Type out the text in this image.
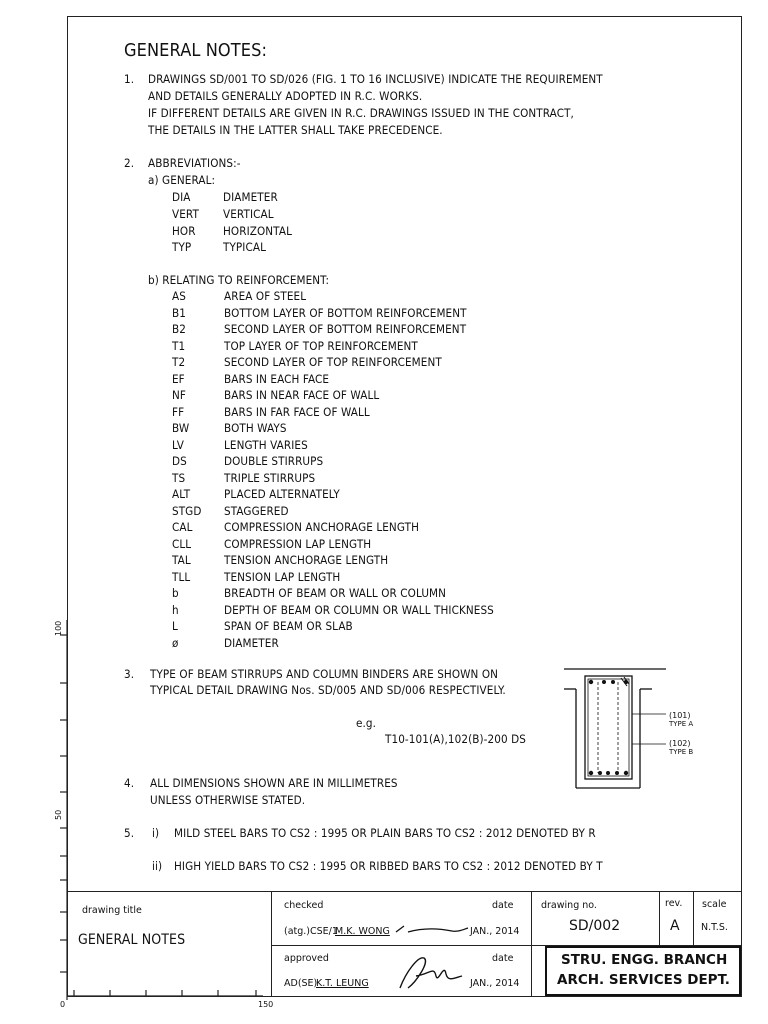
GENERAL NOTES:
1. DRAWINGS SD/001 TO SD/026 (FIG. 1 TO 16 INCLUSIVE) INDICATE THE REQUIREMENT
AND DETAILS GENERALLY ADOPTED IN R.C. WORKS.
IF DIFFERENT DETAILS ARE GIVEN IN R.C. DRAWINGS ISSUED IN THE CONTRACT,
THE DETAILS IN THE LATTER SHALL TAKE PRECEDENCE.
2. ABBREVIATIONS:-
a) GENERAL:
DIA	DIAMETER
VERT VERTICAL
HOR HORIZONTAL
TYP	TYPICAL
b) RELATING TO REINFORCEMENT:
AS	AREA OF STEEL
B1	BOTTOM LAYER OF BOTTOM REINFORCEMENT
B2	SECOND LAYER OF BOTTOM REINFORCEMENT
T1	TOP LAYER OF TOP REINFORCEMENT
T2	SECOND LAYER OF TOP REINFORCEMENT
EF	BARS IN EACH FACE
NF	BARS IN NEAR FACE OF WALL
FF	BARS IN FAR FACE OF WALL
BW	BOTH WAYS
LV	LENGTH VARIES
DS	DOUBLE STIRRUPS
TS	TRIPLE STIRRUPS
ALT	PLACED ALTERNATELY
STGD STAGGERED
CAL	COMPRESSION ANCHORAGE LENGTH
CLL	COMPRESSION LAP LENGTH
TAL	TENSION ANCHORAGE LENGTH
TLL	TENSION LAP LENGTH
b	BREADTH OF BEAM OR WALL OR COLUMN
h	DEPTH OF BEAM OR COLUMN OR WALL THICKNESS
L	SPAN OF BEAM OR SLAB
ø	DIAMETER
3. TYPE OF BEAM STIRRUPS AND COLUMN BINDERS ARE SHOWN ON
TYPICAL DETAIL DRAWING Nos. SD/005 AND SD/006 RESPECTIVELY.
e.g.
T10-101(A),102(B)-200 DS
(101)
TYPE A
(102)
TYPE B
4. ALL DIMENSIONS SHOWN ARE IN MILLIMETRES
UNLESS OTHERWISE STATED.
5. i) MILD STEEL BARS TO CS2 : 1995 OR PLAIN BARS TO CS2 : 2012 DENOTED BY R
ii) HIGH YIELD BARS TO CS2 : 1995 OR RIBBED BARS TO CS2 : 2012 DENOTED BY T
100
50
0	150
drawing title
GENERAL NOTES
checked	date
(atg.)CSE/1
M.K. WONG	JAN., 2014
approved	date
AD(SE)
K.T. LEUNG	JAN., 2014
drawing no.
SD/002
rev.
A
scale
N.T.S.
STRU. ENGG. BRANCH
ARCH. SERVICES DEPT.
